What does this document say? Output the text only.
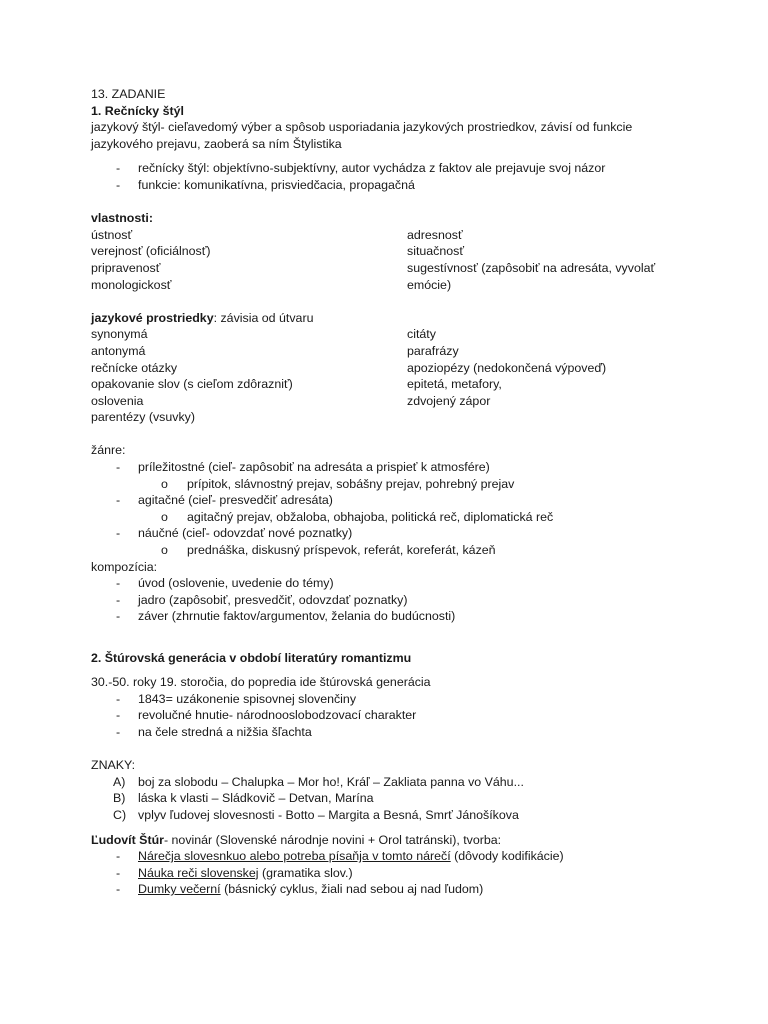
13. ZADANIE
1. Rečnícky štýl
jazykový štýl- cieľavedomý výber a spôsob usporiadania jazykových prostriedkov, závisí od funkcie
jazykového prejavu, zaoberá sa ním Štylistika
- rečnícky štýl: objektívno-subjektívny, autor vychádza z faktov ale prejavuje svoj názor
- funkcie: komunikatívna, prisviedčacia, propagačná
vlastnosti:
ústnosť
verejnosť (oficiálnosť)
pripravenosť
monologickosť
adresnosť
situačnosť
sugestívnosť (zapôsobiť na adresáta, vyvolať
emócie)
jazykové prostriedky: závisia od útvaru
synonymá
antonymá
rečnícke otázky
opakovanie slov (s cieľom zdôrazniť)
oslovenia
parentézy (vsuvky)
citáty
parafrázy
apoziopézy (nedokončená výpoveď)
epitetá, metafory,
zdvojený zápor
žánre:
- príležitostné (cieľ- zapôsobiť na adresáta a prispieť k atmosfére)
o prípitok, slávnostný prejav, sobášny prejav, pohrebný prejav
- agitačné (cieľ- presvedčiť adresáta)
o agitačný prejav, obžaloba, obhajoba, politická reč, diplomatická reč
- náučné (cieľ- odovzdať nové poznatky)
o prednáška, diskusný príspevok, referát, koreferát, kázeň
kompozícia:
- úvod (oslovenie, uvedenie do témy)
- jadro (zapôsobiť, presvedčiť, odovzdať poznatky)
- záver (zhrnutie faktov/argumentov, želania do budúcnosti)
2. Štúrovská generácia v období literatúry romantizmu
30.-50. roky 19. storočia, do popredia ide štúrovská generácia
- 1843= uzákonenie spisovnej slovenčiny
- revolučné hnutie- národnooslobodzovací charakter
- na čele stredná a nižšia šľachta
ZNAKY:
A) boj za slobodu – Chalupka – Mor ho!, Kráľ – Zakliata panna vo Váhu...
B) láska k vlasti – Sládkovič – Detvan, Marína
C) vplyv ľudovej slovesnosti - Botto – Margita a Besná, Smrť Jánošíkova
Ľudovít Štúr- novinár (Slovenské národnje novini + Orol tatránski), tvorba:
- Nárečja slovesnkuo alebo potreba písaňja v tomto nárečí (dôvody kodifikácie)
- Náuka reči slovenskej (gramatika slov.)
- Dumky večerní (básnický cyklus, žiali nad sebou aj nad ľudom)
